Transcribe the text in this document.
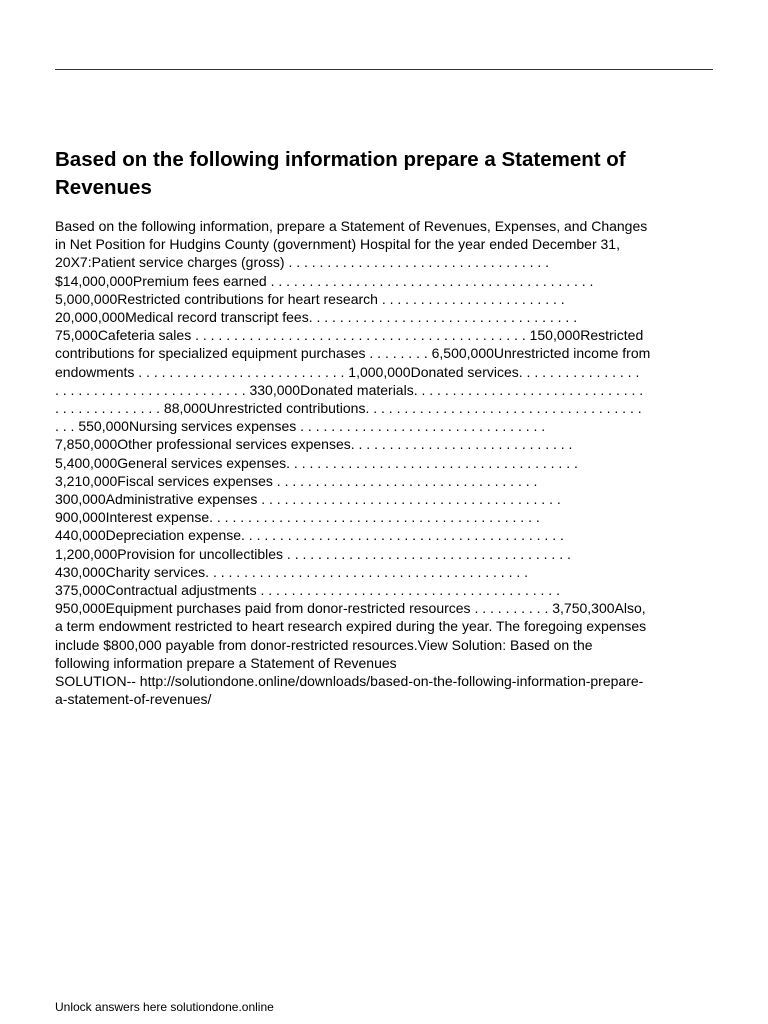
Based on the following information prepare a Statement of
Revenues
Based on the following information, prepare a Statement of Revenues, Expenses, and Changes
in Net Position for Hudgins County (government) Hospital for the year ended December 31,
20X7:Patient service charges (gross) . . . . . . . . . . . . . . . . . . . . . . . . . . . . . . . . . .
$14,000,000Premium fees earned . . . . . . . . . . . . . . . . . . . . . . . . . . . . . . . . . . . . . . . . . .
5,000,000Restricted contributions for heart research . . . . . . . . . . . . . . . . . . . . . . . .
20,000,000Medical record transcript fees. . . . . . . . . . . . . . . . . . . . . . . . . . . . . . . . . . .
75,000Cafeteria sales . . . . . . . . . . . . . . . . . . . . . . . . . . . . . . . . . . . . . . . . . . . 150,000Restricted
contributions for specialized equipment purchases . . . . . . . . 6,500,000Unrestricted income from
endowments . . . . . . . . . . . . . . . . . . . . . . . . . . . 1,000,000Donated services. . . . . . . . . . . . . . . .
. . . . . . . . . . . . . . . . . . . . . . . . . 330,000Donated materials. . . . . . . . . . . . . . . . . . . . . . . . . . . . . .
. . . . . . . . . . . . . . 88,000Unrestricted contributions. . . . . . . . . . . . . . . . . . . . . . . . . . . . . . . . . . . .
. . . 550,000Nursing services expenses . . . . . . . . . . . . . . . . . . . . . . . . . . . . . . . .
7,850,000Other professional services expenses. . . . . . . . . . . . . . . . . . . . . . . . . . . . .
5,400,000General services expenses. . . . . . . . . . . . . . . . . . . . . . . . . . . . . . . . . . . . . .
3,210,000Fiscal services expenses . . . . . . . . . . . . . . . . . . . . . . . . . . . . . . . . . .
300,000Administrative expenses . . . . . . . . . . . . . . . . . . . . . . . . . . . . . . . . . . . . . . .
900,000Interest expense. . . . . . . . . . . . . . . . . . . . . . . . . . . . . . . . . . . . . . . . . . .
440,000Depreciation expense. . . . . . . . . . . . . . . . . . . . . . . . . . . . . . . . . . . . . . . . . .
1,200,000Provision for uncollectibles . . . . . . . . . . . . . . . . . . . . . . . . . . . . . . . . . . . . .
430,000Charity services. . . . . . . . . . . . . . . . . . . . . . . . . . . . . . . . . . . . . . . . . .
375,000Contractual adjustments . . . . . . . . . . . . . . . . . . . . . . . . . . . . . . . . . . . . . . .
950,000Equipment purchases paid from donor-restricted resources . . . . . . . . . . 3,750,300Also,
a term endowment restricted to heart research expired during the year. The foregoing expenses
include $800,000 payable from donor-restricted resources.View Solution: Based on the
following information prepare a Statement of Revenues
SOLUTION-- http://solutiondone.online/downloads/based-on-the-following-information-prepare-
a-statement-of-revenues/

Unlock answers here solutiondone.online
